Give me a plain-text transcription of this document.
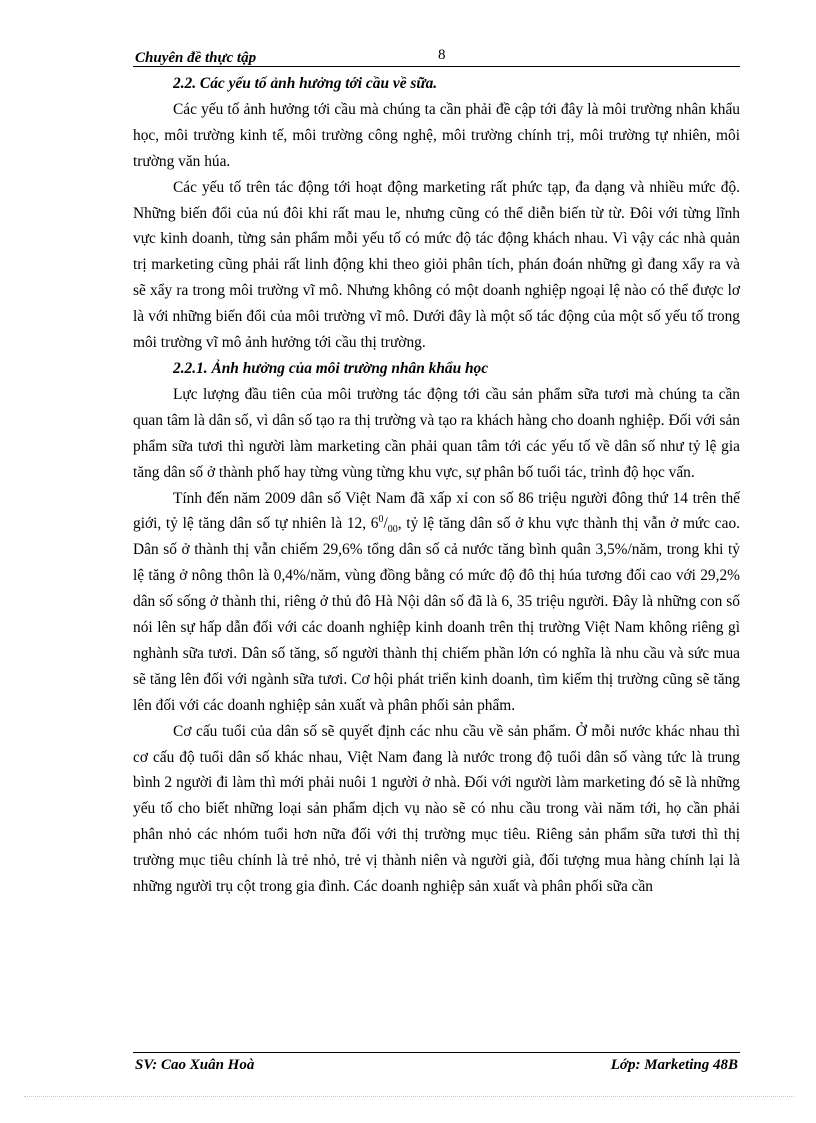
Chuyên đề thực tập	8
2.2. Các yếu tố ảnh hưởng tới cầu về sữa.

Các yếu tố ảnh hưởng tới cầu mà chúng ta cần phải đề cập tới đây là môi trường nhân khẩu học, môi trường kinh tế, môi trường công nghệ, môi trường chính trị, môi trường tự nhiên, môi trường văn húa.

Các yếu tố trên tác động tới hoạt động marketing rất phức tạp, đa dạng và nhiều mức độ. Những biến đổi của nú đôi khi rất mau le, nhưng cũng có thể diễn biến từ từ. Đôi với từng lĩnh vực kinh doanh, từng sản phẩm mỗi yếu tố có mức độ tác động khách nhau. Vì vậy các nhà quản trị marketing cũng phải rất linh động khi theo giỏi phân tích, phán đoán những gì đang xẩy ra và sẽ xẩy ra trong môi trường vĩ mô. Nhưng không có một doanh nghiệp ngoại lệ nào có thể được lơ là với những biến đổi của môi trường vĩ mô. Dưới đây là một số tác động của một số yếu tố trong môi trường vĩ mô ảnh hưởng tới cầu thị trường.

2.2.1. Ảnh hưởng của môi trường nhân khẩu học

Lực lượng đầu tiên của môi trường tác động tới cầu sản phẩm sữa tươi mà chúng ta cần quan tâm là dân số, vì dân số tạo ra thị trường và tạo ra khách hàng cho doanh nghiệp. Đối với sản phẩm sữa tươi thì người làm marketing cần phải quan tâm tới các yếu tố về dân số như tỷ lệ gia tăng dân số ở thành phố hay từng vùng từng khu vực, sự phân bố tuổi tác, trình độ học vấn.

Tính đến năm 2009 dân số Việt Nam đã xấp xỉ con số 86 triệu người đông thứ 14 trên thế giới, tỷ lệ tăng dân số tự nhiên là 12, $6^0/_{00}$, tỷ lệ tăng dân số ở khu vực thành thị vẫn ở mức cao. Dân số ở thành thị vẫn chiếm 29,6% tổng dân số cả nước tăng bình quân 3,5%/năm, trong khi tỷ lệ tăng ở nông thôn là 0,4%/năm, vùng đồng bằng có mức độ đô thị húa tương đối cao với 29,2% dân số sống ở thành thi, riêng ở thủ đô Hà Nội dân số đã là 6, 35 triệu người. Đây là những con số nói lên sự hấp dẫn đối với các doanh nghiệp kinh doanh trên thị trường Việt Nam không riêng gì nghành sữa tươi. Dân số tăng, số người thành thị chiếm phần lớn có nghĩa là nhu cầu và sức mua sẽ tăng lên đối với ngành sữa tươi. Cơ hội phát triển kinh doanh, tìm kiếm thị trường cũng sẽ tăng lên đối với các doanh nghiệp sản xuất và phân phối sản phẩm.

Cơ cấu tuổi của dân số sẽ quyết định các nhu cầu về sản phẩm. Ở mỗi nước khác nhau thì cơ cấu độ tuổi dân số khác nhau, Việt Nam đang là nước trong độ tuổi dân số vàng tức là trung bình 2 người đi làm thì mới phải nuôi 1 người ở nhà. Đối với người làm marketing đó sẽ là những yếu tố cho biết những loại sản phẩm dịch vụ nào sẽ có nhu cầu trong vài năm tới, họ cần phải phân nhỏ các nhóm tuổi hơn nữa đối với thị trường mục tiêu. Riêng sản phẩm sữa tươi thì thị trường mục tiêu chính là trẻ nhỏ, trẻ vị thành niên và người già, đối tượng mua hàng chính lại là những người trụ cột trong gia đình. Các doanh nghiệp sản xuất và phân phối sữa cần

SV: Cao Xuân Hoà	Lớp: Marketing 48B
